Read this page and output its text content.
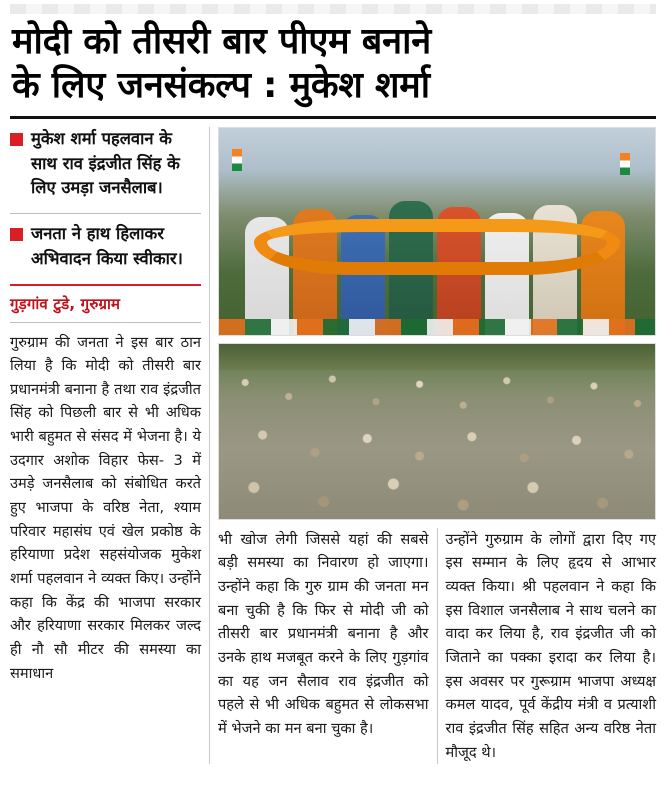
मोदी को तीसरी बार पीएम बनाने
के लिए जनसंकल्प : मुकेश शर्मा
मुकेश शर्मा पहलवान के साथ राव इंद्रजीत सिंह के लिए उमड़ा जनसैलाब।
जनता ने हाथ हिलाकर अभिवादन किया स्वीकार।
गुड़गांव टुडे, गुरुग्राम
गुरुग्राम की जनता ने इस बार ठान लिया है कि मोदी को तीसरी बार प्रधानमंत्री बनाना है तथा राव इंद्रजीत सिंह को पिछली बार से भी अधिक भारी बहुमत से संसद में भेजना है। ये उदगार अशोक विहार फेस- 3 में उमड़े जनसैलाब को संबोधित करते हुए भाजपा के वरिष्ठ नेता, श्याम परिवार महासंघ एवं खेल प्रकोष्ठ के हरियाणा प्रदेश सहसंयोजक मुकेश शर्मा पहलवान ने व्यक्त किए। उन्होंने कहा कि केंद्र की भाजपा सरकार और हरियाणा सरकार मिलकर जल्द ही नौ सौ मीटर की समस्या का समाधान
भी खोज लेगी जिससे यहां की सबसे बड़ी समस्या का निवारण हो जाएगा। उन्होंने कहा कि गुरु ग्राम की जनता मन बना चुकी है कि फिर से मोदी जी को तीसरी बार प्रधानमंत्री बनाना है और उनके हाथ मजबूत करने के लिए गुड़गांव का यह जन सैलाव राव इंद्रजीत को पहले से भी अधिक बहुमत से लोकसभा में भेजने का मन बना चुका है।
उन्होंने गुरुग्राम के लोगों द्वारा दिए गए इस सम्मान के लिए हृदय से आभार व्यक्त किया। श्री पहलवान ने कहा कि इस विशाल जनसैलाब ने साथ चलने का वादा कर लिया है, राव इंद्रजीत जी को जिताने का पक्का इरादा कर लिया है। इस अवसर पर गुरूग्राम भाजपा अध्यक्ष कमल यादव, पूर्व केंद्रीय मंत्री व प्रत्याशी राव इंद्रजीत सिंह सहित अन्य वरिष्ठ नेता मौजूद थे।
